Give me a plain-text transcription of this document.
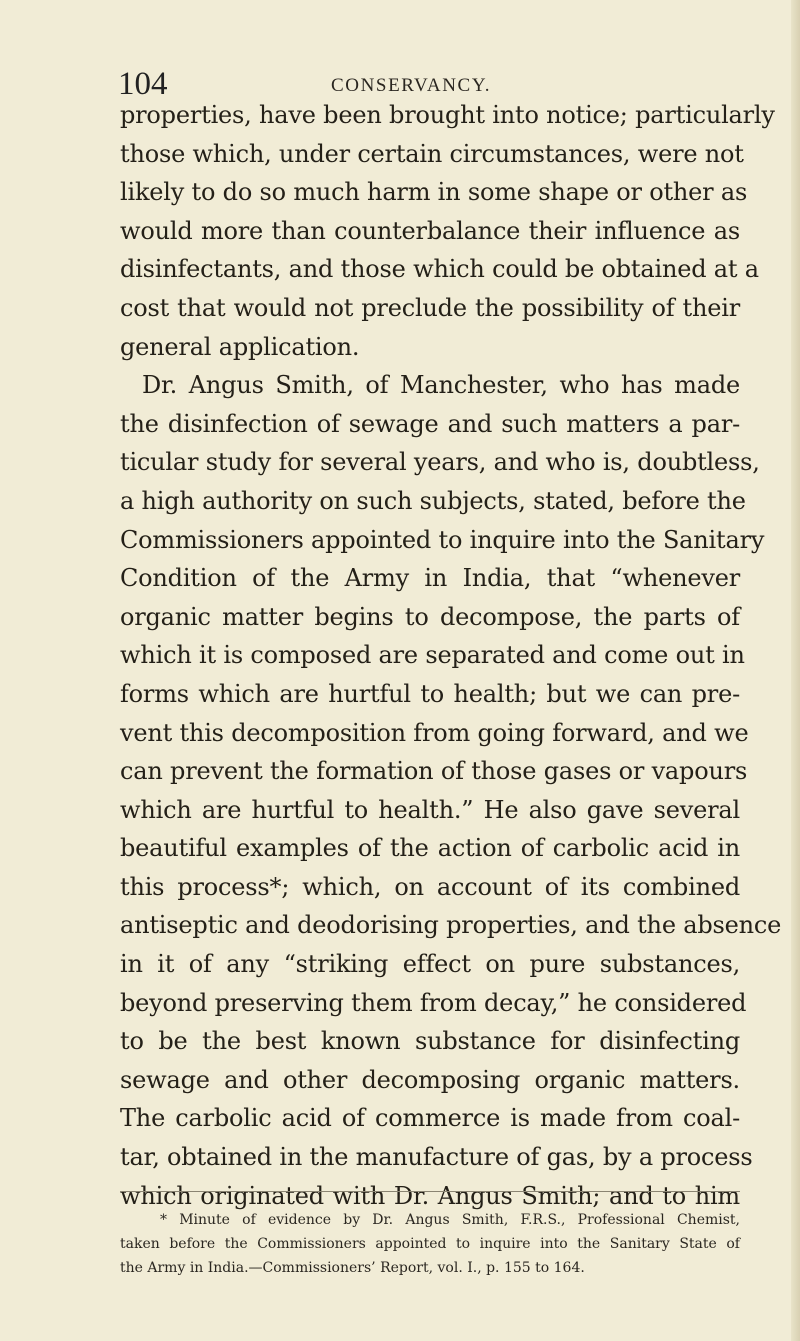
104	CONSERVANCY.
properties, have been brought into notice; particularly
those which, under certain circumstances, were not
likely to do so much harm in some shape or other as
would more than counterbalance their influence as
disinfectants, and those which could be obtained at a
cost that would not preclude the possibility of their
general application.
Dr. Angus Smith, of Manchester, who has made
the disinfection of sewage and such matters a par-
ticular study for several years, and who is, doubtless,
a high authority on such subjects, stated, before the
Commissioners appointed to inquire into the Sanitary
Condition of the Army in India, that “whenever
organic matter begins to decompose, the parts of
which it is composed are separated and come out in
forms which are hurtful to health; but we can pre-
vent this decomposition from going forward, and we
can prevent the formation of those gases or vapours
which are hurtful to health.” He also gave several
beautiful examples of the action of carbolic acid in
this process*; which, on account of its combined
antiseptic and deodorising properties, and the absence
in it of any “striking effect on pure substances,
beyond preserving them from decay,” he considered
to be the best known substance for disinfecting
sewage and other decomposing organic matters.
The carbolic acid of commerce is made from coal-
tar, obtained in the manufacture of gas, by a process
which originated with Dr. Angus Smith; and to him
* Minute of evidence by Dr. Angus Smith, F.R.S., Professional Chemist,
taken before the Commissioners appointed to inquire into the Sanitary State of
the Army in India.—Commissioners’ Report, vol. I., p. 155 to 164.
